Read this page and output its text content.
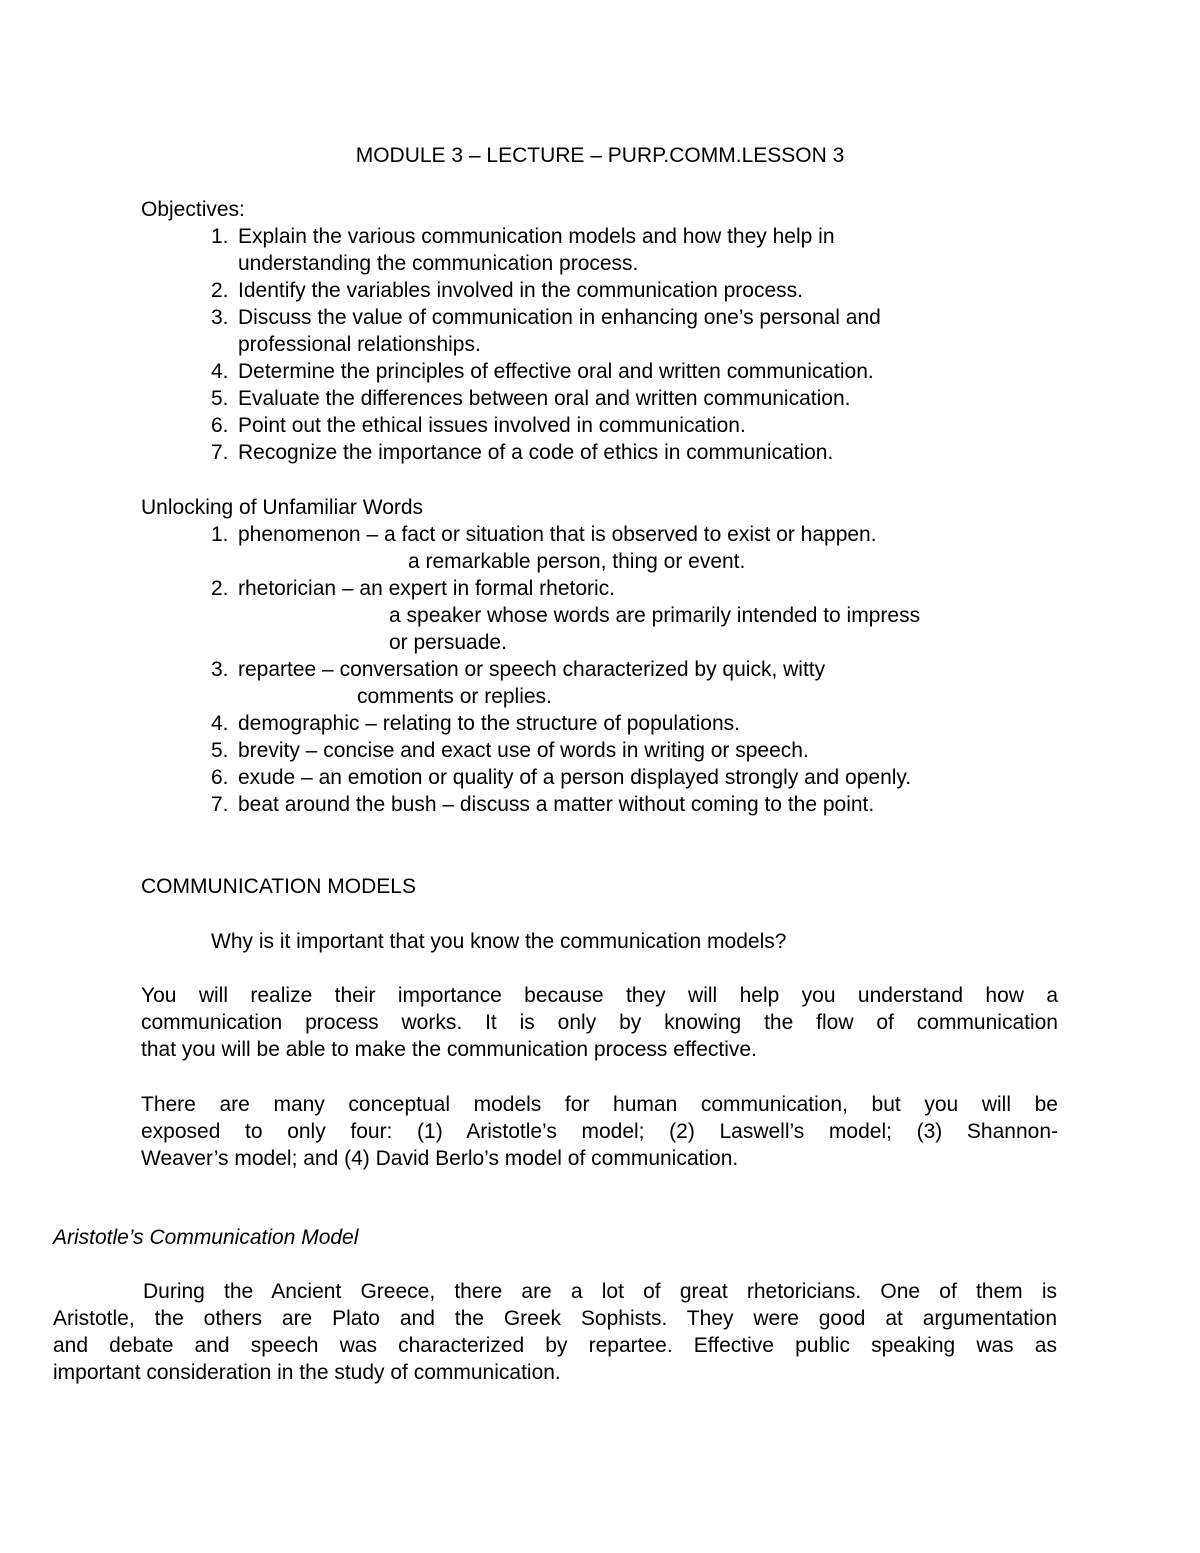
MODULE 3 – LECTURE – PURP.COMM.LESSON 3
Objectives:
1. Explain the various communication models and how they help in
understanding the communication process.
2. Identify the variables involved in the communication process.
3. Discuss the value of communication in enhancing one’s personal and
professional relationships.
4. Determine the principles of effective oral and written communication.
5. Evaluate the differences between oral and written communication.
6. Point out the ethical issues involved in communication.
7. Recognize the importance of a code of ethics in communication.
Unlocking of Unfamiliar Words
1. phenomenon – a fact or situation that is observed to exist or happen.
a remarkable person, thing or event.
2. rhetorician – an expert in formal rhetoric.
a speaker whose words are primarily intended to impress
or persuade.
3. repartee – conversation or speech characterized by quick, witty
comments or replies.
4. demographic – relating to the structure of populations.
5. brevity – concise and exact use of words in writing or speech.
6. exude – an emotion or quality of a person displayed strongly and openly.
7. beat around the bush – discuss a matter without coming to the point.
COMMUNICATION MODELS
Why is it important that you know the communication models?
You will realize their importance because they will help you understand how a
communication process works. It is only by knowing the flow of communication
that you will be able to make the communication process effective.
There are many conceptual models for human communication, but you will be
exposed to only four: (1) Aristotle’s model; (2) Laswell’s model; (3) Shannon-
Weaver’s model; and (4) David Berlo’s model of communication.
Aristotle’s Communication Model
During the Ancient Greece, there are a lot of great rhetoricians. One of them is
Aristotle, the others are Plato and the Greek Sophists. They were good at argumentation
and debate and speech was characterized by repartee. Effective public speaking was as
important consideration in the study of communication.
